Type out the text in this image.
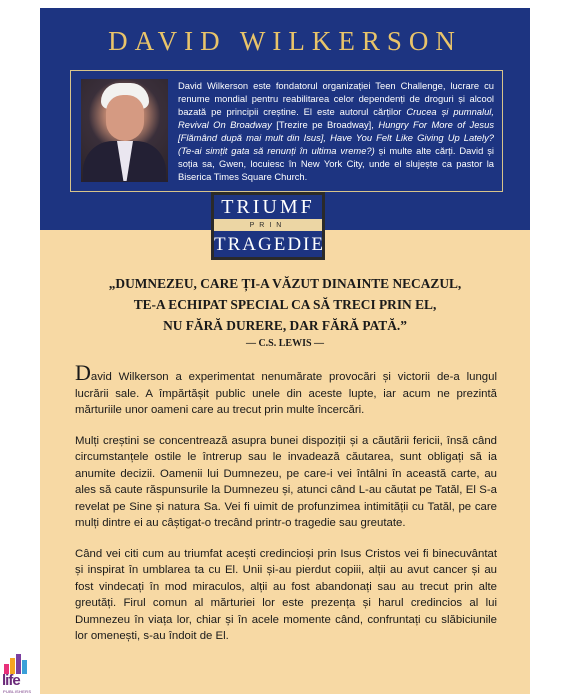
DAVID WILKERSON
David Wilkerson este fondatorul organizației Teen Challenge, lucrare cu renume mondial pentru reabilitarea celor dependenți de droguri și alcool bazată pe principii creștine. El este autorul cărților Crucea și pumnalul, Revival On Broadway [Trezire pe Broadway], Hungry For More of Jesus [Flămând după mai mult din Isus], Have You Felt Like Giving Up Lately? (Te-ai simțit gata să renunți în ultima vreme?) și multe alte cărți. David și soția sa, Gwen, locuiesc în New York City, unde el slujește ca pastor la Biserica Times Square Church.
TRIUMF
PRIN
TRAGEDIE
„DUMNEZEU, CARE ȚI-A VĂZUT DINAINTE NECAZUL,
TE-A ECHIPAT SPECIAL CA SĂ TRECI PRIN EL,
NU FĂRĂ DURERE, DAR FĂRĂ PATĂ.”
— C.S. LEWIS —

David Wilkerson a experimentat nenumărate provocări și victorii de-a lungul lucrării sale. A împărtășit public unele din aceste lupte, iar acum ne prezintă mărturiile unor oameni care au trecut prin multe încercări.

Mulți creștini se concentrează asupra bunei dispoziții și a căutării fericii, însă când circumstanțele ostile le întrerup sau le invadează căutarea, sunt obligați să ia anumite decizii. Oamenii lui Dumnezeu, pe care-i vei întâlni în această carte, au ales să caute răspunsurile la Dumnezeu și, atunci când L-au căutat pe Tatăl, El S-a revelat pe Sine și natura Sa. Vei fi uimit de profunzimea intimității cu Tatăl, pe care mulți dintre ei au câștigat-o trecând printr-o tragedie sau greutate.

Când vei citi cum au triumfat acești credincioși prin Isus Cristos vei fi binecuvântat și inspirat în umblarea ta cu El. Unii și-au pierdut copiii, alții au avut cancer și au fost vindecați în mod miraculos, alții au fost abandonați sau au trecut prin alte greutăți. Firul comun al mărturiei lor este prezența și harul credincios al lui Dumnezeu în viața lor, chiar și în acele momente când, confruntați cu slăbiciunile lor omenești, s-au îndoit de El.

life
PUBLISHERS
